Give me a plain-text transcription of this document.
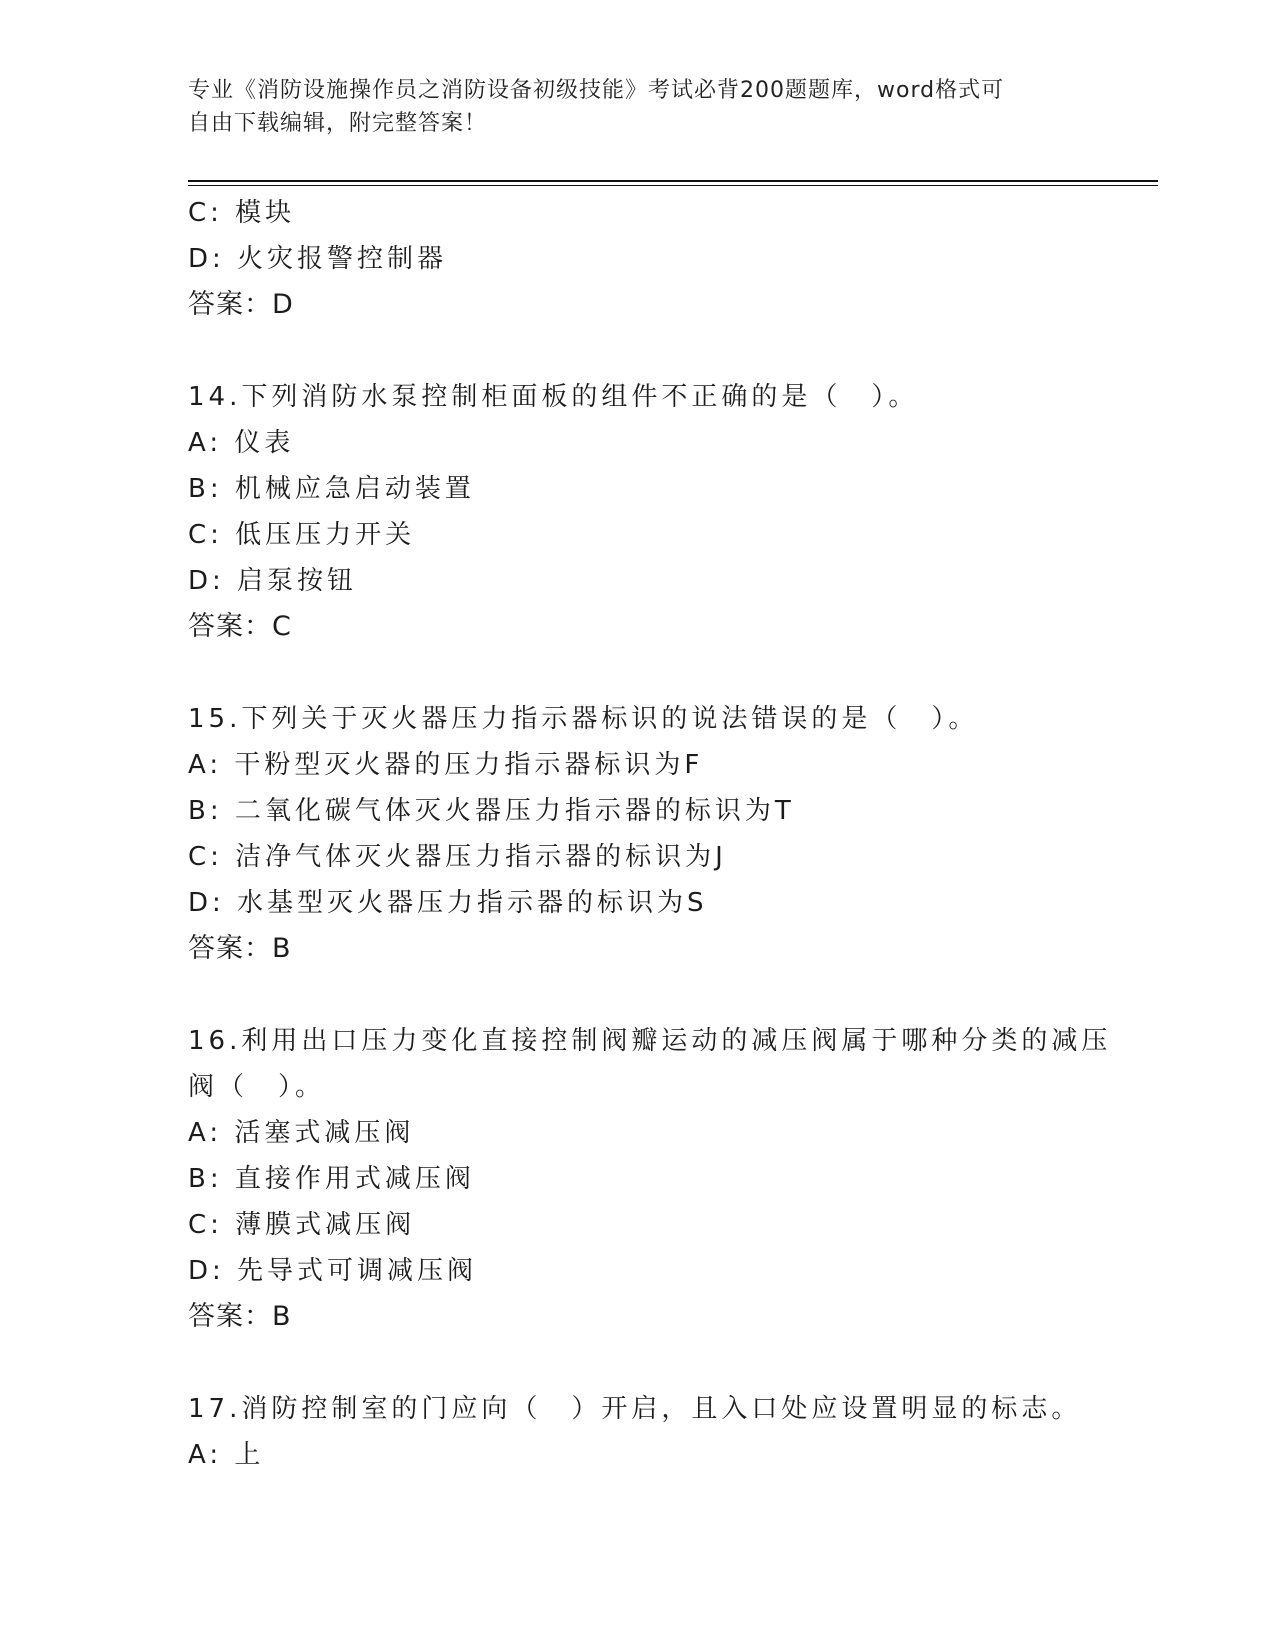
专业《消防设施操作员之消防设备初级技能》考试必背200题题库，word格式可
自由下载编辑，附完整答案！
C: 模块
D: 火灾报警控制器
答案：D
14.下列消防水泵控制柜面板的组件不正确的是（　）。
A: 仪表
B: 机械应急启动装置
C: 低压压力开关
D: 启泵按钮
答案：C
15.下列关于灭火器压力指示器标识的说法错误的是（　）。
A: 干粉型灭火器的压力指示器标识为F
B: 二氧化碳气体灭火器压力指示器的标识为T
C: 洁净气体灭火器压力指示器的标识为J
D: 水基型灭火器压力指示器的标识为S
答案：B
16.利用出口压力变化直接控制阀瓣运动的减压阀属于哪种分类的减压
阀（　）。
A: 活塞式减压阀
B: 直接作用式减压阀
C: 薄膜式减压阀
D: 先导式可调减压阀
答案：B
17.消防控制室的门应向（　）开启，且入口处应设置明显的标志。
A: 上
